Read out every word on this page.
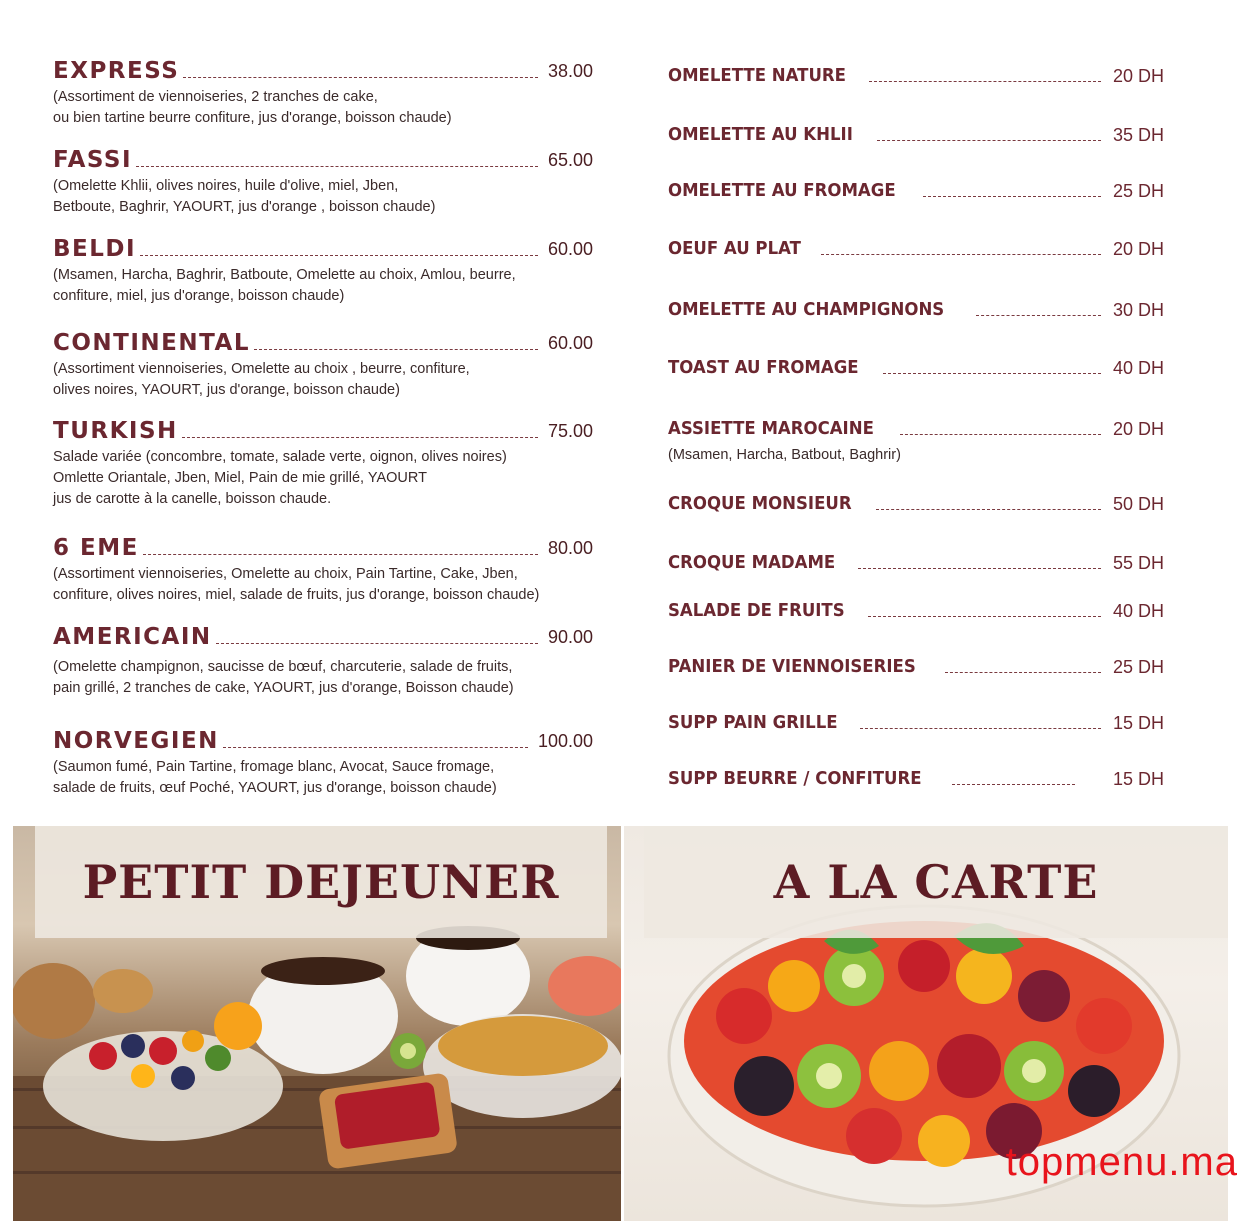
EXPRESS	38.00
(Assortiment de viennoiseries, 2 tranches de cake,
ou bien tartine beurre confiture, jus d'orange, boisson chaude)
FASSI	65.00
(Omelette Khlii, olives noires, huile d'olive, miel, Jben,
Betboute, Baghrir, YAOURT, jus d'orange , boisson chaude)
BELDI	60.00
(Msamen, Harcha, Baghrir, Batboute, Omelette au choix, Amlou, beurre,
confiture, miel, jus d'orange, boisson chaude)
CONTINENTAL	60.00
(Assortiment viennoiseries, Omelette au choix , beurre, confiture,
olives noires, YAOURT, jus d'orange, boisson chaude)
TURKISH	75.00
Salade variée (concombre, tomate, salade verte, oignon, olives noires)
Omlette Oriantale, Jben, Miel, Pain de mie grillé, YAOURT
jus de carotte à la canelle, boisson chaude.
6 EME	80.00
(Assortiment viennoiseries, Omelette au choix, Pain Tartine, Cake, Jben,
confiture, olives noires, miel, salade de fruits, jus d'orange, boisson chaude)
AMERICAIN	90.00
(Omelette champignon, saucisse de bœuf, charcuterie, salade de fruits,
pain grillé, 2 tranches de cake, YAOURT, jus d'orange, Boisson chaude)
NORVEGIEN	100.00
(Saumon fumé, Pain Tartine, fromage blanc, Avocat, Sauce fromage,
salade de fruits, œuf Poché, YAOURT, jus d'orange, boisson chaude)
OMELETTE NATURE	20 DH
OMELETTE AU KHLII	35 DH
OMELETTE AU FROMAGE	25 DH
OEUF AU PLAT	20 DH
OMELETTE AU CHAMPIGNONS	30 DH
TOAST AU FROMAGE	40 DH
ASSIETTE MAROCAINE	20 DH
(Msamen, Harcha, Batbout, Baghrir)
CROQUE MONSIEUR	50 DH
CROQUE MADAME	55 DH
SALADE DE FRUITS	40 DH
PANIER DE VIENNOISERIES	25 DH
SUPP PAIN GRILLE	15 DH
SUPP BEURRE / CONFITURE	15 DH
PETIT DEJEUNER	A LA CARTE
topmenu.ma
